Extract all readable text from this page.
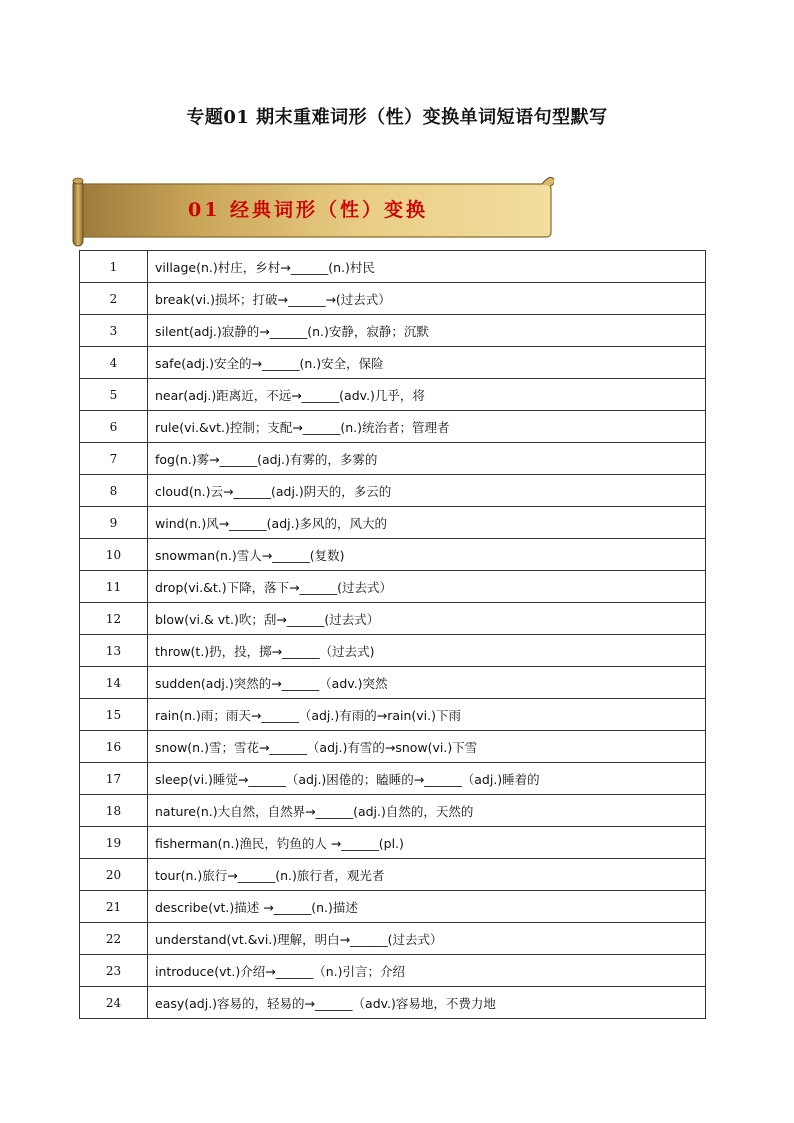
专题01 期末重难词形（性）变换单词短语句型默写
01 经典词形（性）变换
1	village(n.)村庄，乡村→______(n.)村民
2	break(vi.)损坏；打破→______→(过去式）
3	silent(adj.)寂静的→______(n.)安静，寂静；沉默
4	safe(adj.)安全的→______(n.)安全，保险
5	near(adj.)距离近，不远→______(adv.)几乎，将
6	rule(vi.&vt.)控制；支配→______(n.)统治者；管理者
7	fog(n.)雾→______(adj.)有雾的，多雾的
8	cloud(n.)云→______(adj.)阴天的，多云的
9	wind(n.)风→______(adj.)多风的，风大的
10	snowman(n.)雪人→______(复数)
11	drop(vi.&t.)下降，落下→______(过去式）
12	blow(vi.& vt.)吹；刮→______(过去式）
13	throw(t.)扔，投，掷→______（过去式)
14	sudden(adj.)突然的→______（adv.)突然
15	rain(n.)雨；雨天→______（adj.)有雨的→rain(vi.)下雨
16	snow(n.)雪；雪花→______（adj.)有雪的→snow(vi.)下雪
17	sleep(vi.)睡觉→______（adj.)困倦的；瞌睡的→______（adj.)睡着的
18	nature(n.)大自然，自然界→______(adj.)自然的，天然的
19	fisherman(n.)渔民，钓鱼的人 →______(pl.)
20	tour(n.)旅行→______(n.)旅行者，观光者
21	describe(vt.)描述 →______(n.)描述
22	understand(vt.&vi.)理解，明白→______(过去式）
23	introduce(vt.)介绍→______（n.)引言；介绍
24	easy(adj.)容易的，轻易的→______（adv.)容易地，不费力地
